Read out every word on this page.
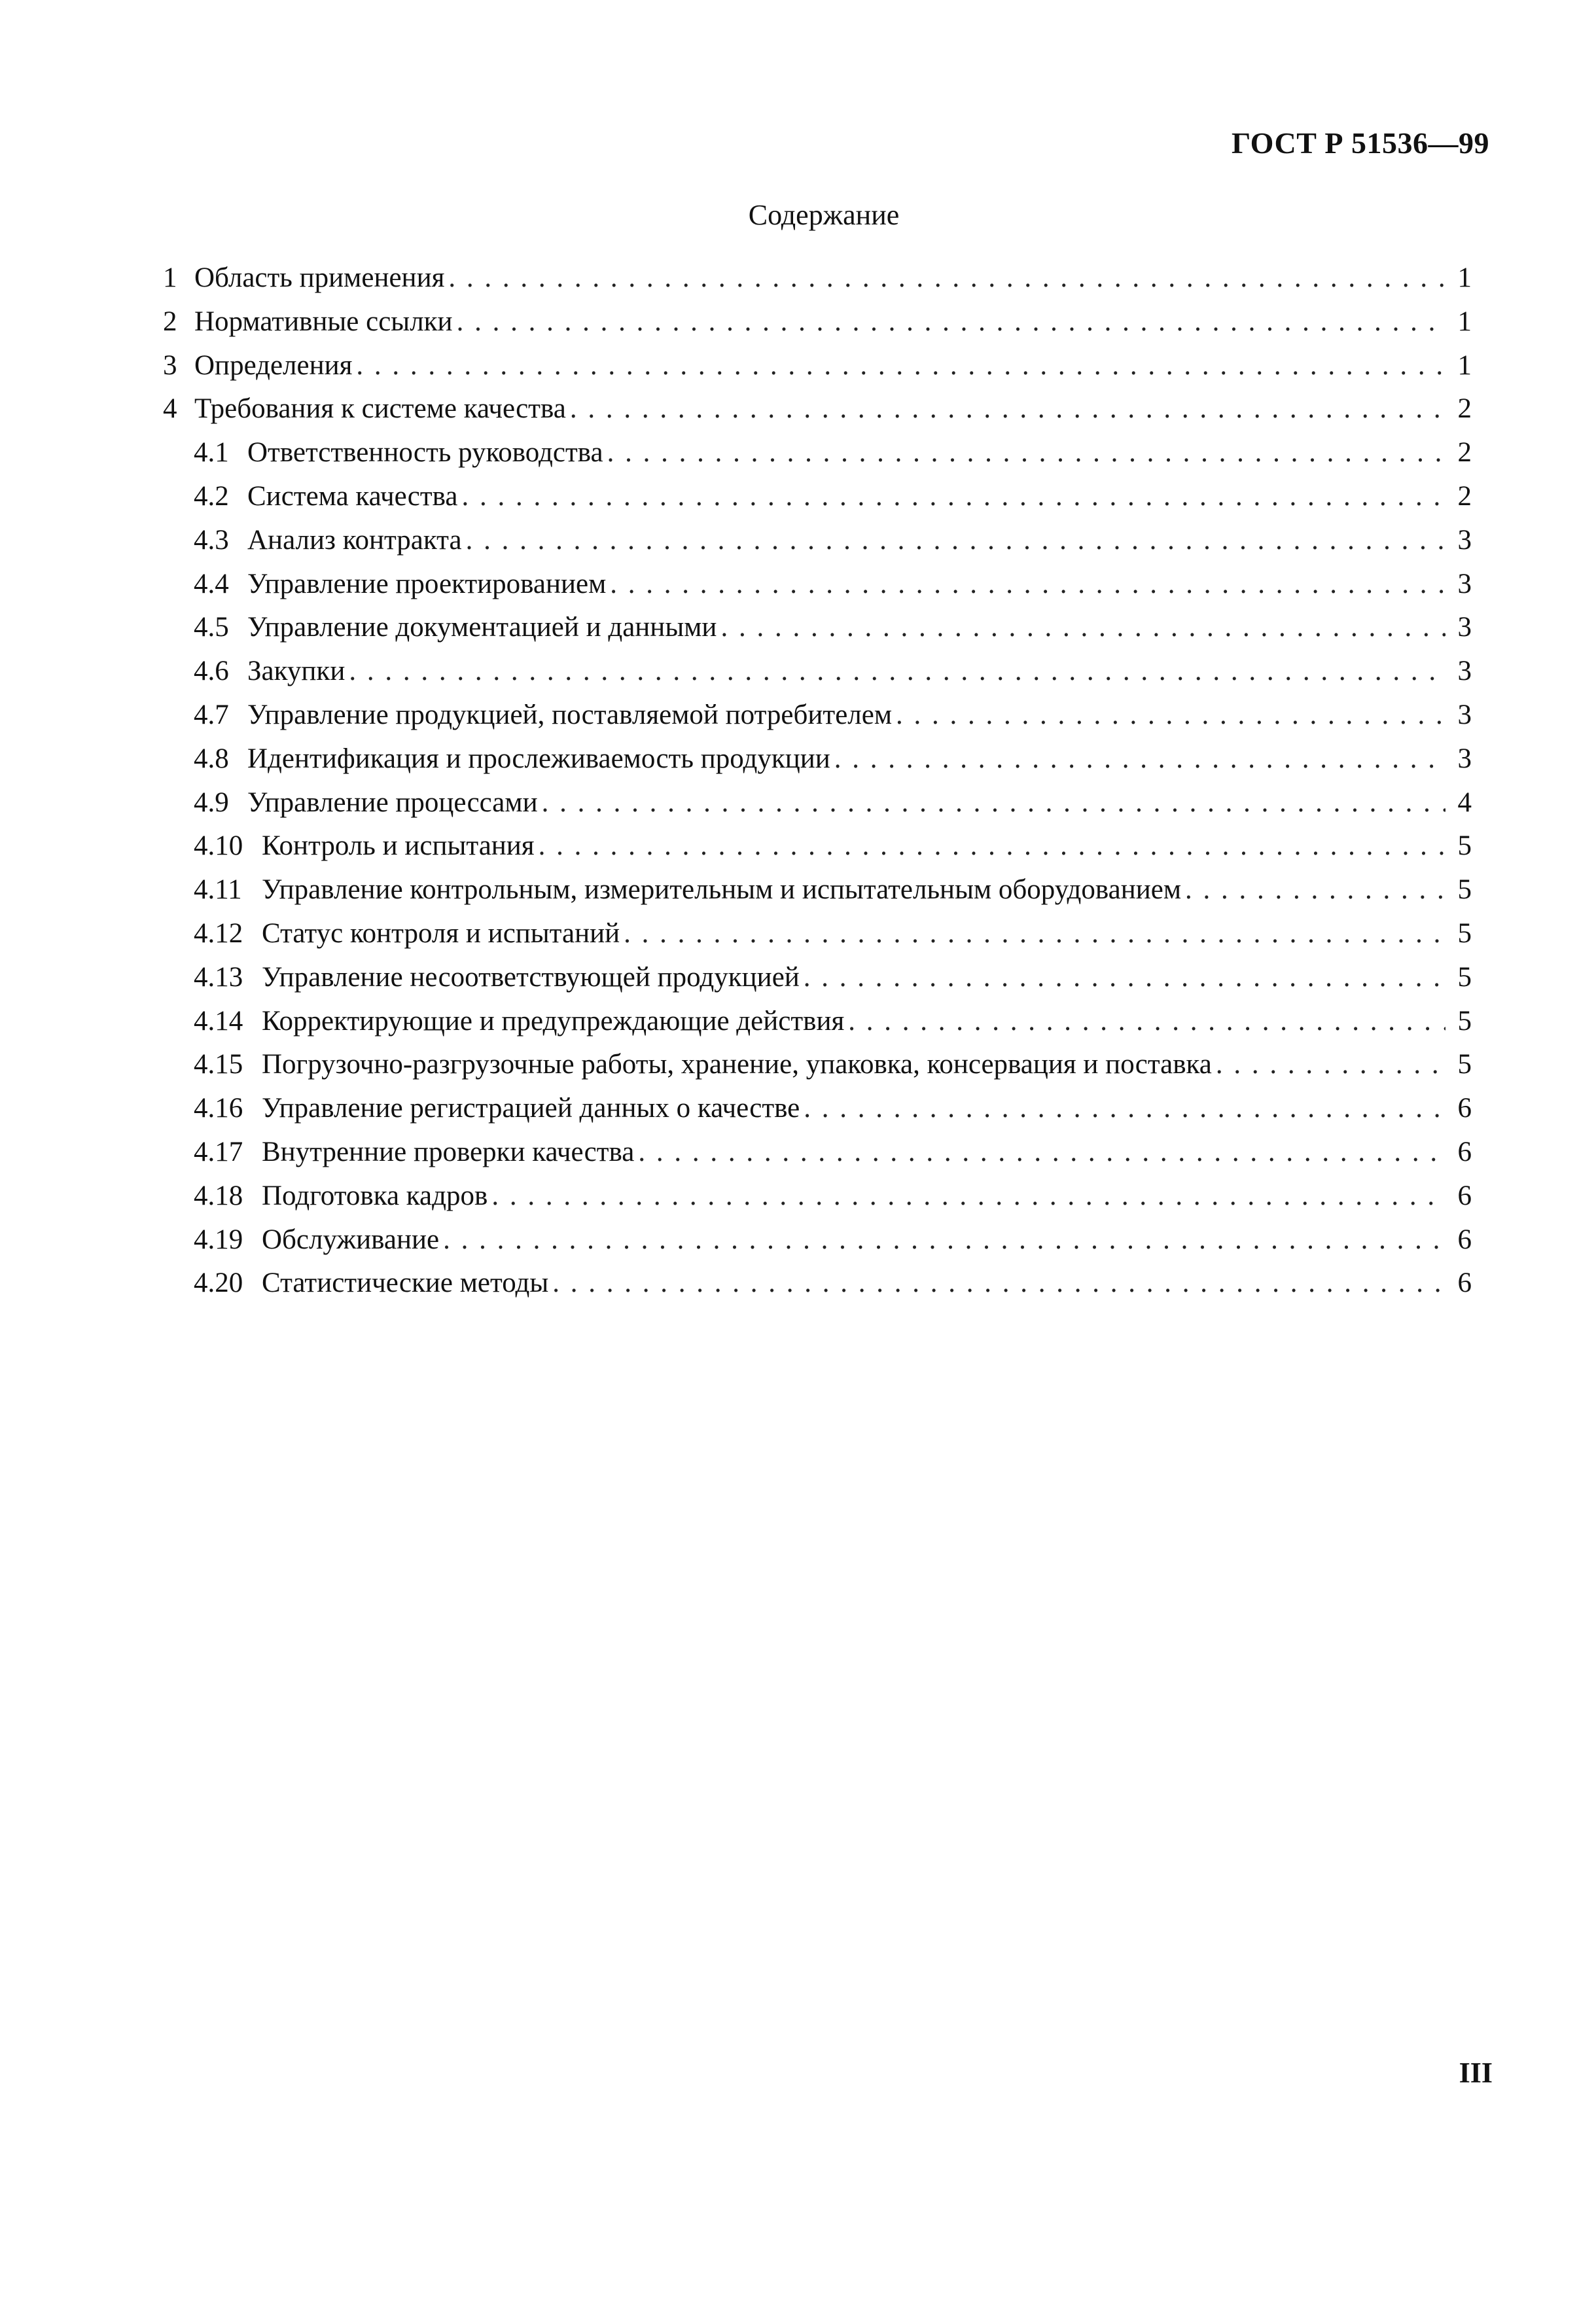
ГОСТ Р 51536—99
Содержание
1 Область применения . . .	1
2 Нормативные ссылки . . .	1
3 Определения . . .	1
4 Требования к системе качества . . .	2
4.1 Ответственность руководства . . .	2
4.2 Система качества . . .	2
4.3 Анализ контракта . . .	3
4.4 Управление проектированием . . .	3
4.5 Управление документацией и данными . . .	3
4.6 Закупки . . .	3
4.7 Управление продукцией, поставляемой потребителем . . .	3
4.8 Идентификация и прослеживаемость продукции . . .	3
4.9 Управление процессами . . .	4
4.10 Контроль и испытания . . .	5
4.11 Управление контрольным, измерительным и испытательным оборудованием . . .	5
4.12 Статус контроля и испытаний . . .	5
4.13 Управление несоответствующей продукцией . . .	5
4.14 Корректирующие и предупреждающие действия . . .	5
4.15 Погрузочно-разгрузочные работы, хранение, упаковка, консервация и поставка . . .	5
4.16 Управление регистрацией данных о качестве . . .	6
4.17 Внутренние проверки качества . . .	6
4.18 Подготовка кадров . . .	6
4.19 Обслуживание . . .	6
4.20 Статистические методы . . .	6
III
